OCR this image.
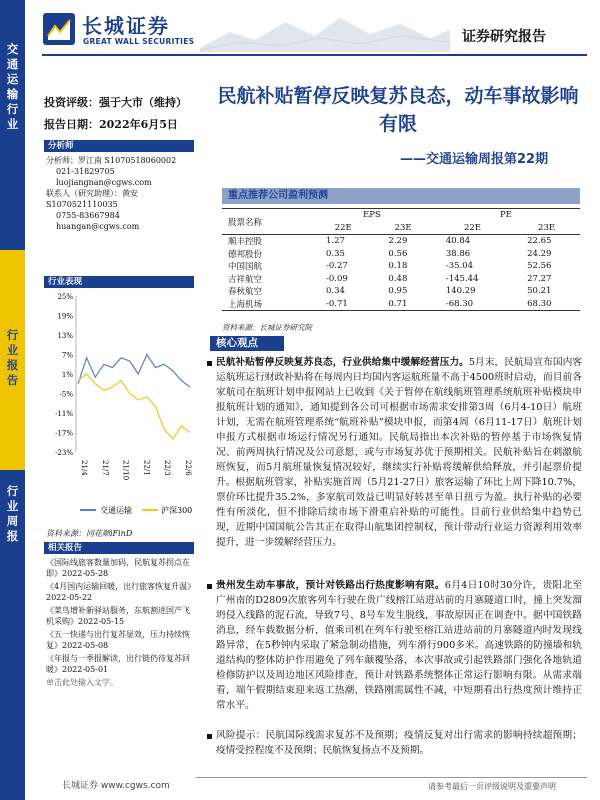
交通运输行业
行业报告
行业周报
长城证券
GREAT WALL SECURITIES	证券研究报告
投资评级：强于大市（维持）
报告日期：2022年6月5日
分析师
分析师：罗江南 S1070518060002
021-31829705
luojiangnan@cgws.com
联系人（研究助理）：黄安
S1070521110035
0755-83667984
huangan@cgws.com
行业表现
25%
19%
13%
7%
1%
-5%
-11%
-17%
-23%
21/4 21/7 21/10 22/1 22/3 22/6
交通运输	沪深300
资料来源：同花顺iFinD
相关报告
《国际线旅客数量加码，民航复苏拐点在即》2022-05-28
《4月国内运输回暖，出行旅客恢复升温》2022-05-22
《菜鸟增补新驿站服务，东航割进国产飞机采购》2022-05-15
《五一快递与出行复苏显效，压力持续恢复》2022-05-08
《年报与一季报解读，出行链仍待复苏回暖》2022-05-01
单击此处输入文字。
民航补贴暂停反映复苏良态，动车事故影响有限
——交通运输周报第22期
重点推荐公司盈利预测
股票名称	EPS		PE	
	22E	23E	22E	23E
顺丰控股	1.27	2.29	40.84	22.65
德邦股份	0.35	0.56	38.86	24.29
中国国航	-0.27	0.18	-35.04	52.56
吉祥航空	-0.09	0.48	-145.44	27.27
春秋航空	0.34	0.95	140.29	50.21
上海机场	-0.71	0.71	-68.30	68.30
资料来源：长城证券研究院
核心观点
民航补贴暂停反映复苏良态，行业供给集中缓解经营压力。5月末，民航局宣布国内客运航班运行财政补贴将在每周内日均国内客运航班量不高于4500班时启动，而目前各家航司在航班计划申报网站上已收到《关于暂停在航线航班管理系统航班补贴模块申报航班计划的通知》，通知提到各公司可根据市场需求安排第3周（6月4-10日）航班计划，无需在航班管理系统“航班补贴”模块申报，而第4周（6月11-17日）航班计划申报方式根据市场运行情况另行通知。民航局指出本次补贴的暂停基于市场恢复情况、前两周执行情况及公司意愿，或与市场复苏优于预期相关。民航补贴旨在刺激航班恢复，而5月航班量恢复情况较好，继续实行补贴将缓解供给释放，并引起票价提升。根据航班管家，补贴实施首周（5月21-27日）旅客运输了环比上周下降10.7%，票价环比提升35.2%，多家航司效益已明显好转甚至单日扭亏为盈。执行补贴的必要性有所淡化，但不排除后续市场下滑重启补贴的可能性。目前行业供给集中趋势已现，近期中国国航公告其正在取得山航集团控制权，预计带动行业运力资源利用效率提升，进一步缓解经营压力。
贵州发生动车事故，预计对铁路出行热度影响有限。6月4日10时30分许，贵阳北至广州南的D2809次旅客列车行驶在贵广线榕江站进站前的月寨隧道口时，撞上突发溜坍侵入线路的泥石流，导致7号、8号车发生脱线，事故原因正在调查中。据中国铁路消息，经车载数据分析，值乘司机在列车行驶至榕江站进站前的月寨隧道内时发现线路异常，在5秒钟内采取了紧急制动措施，列车滑行900多米。高速铁路的防撞墙和轨道结构的整体防护作用避免了列车颠覆坠落，本次事故或引起铁路部门强化各地轨道检修防护以及周边地区风险排查，预计对铁路系统整体正常运行影响有限。从需求端看，端午假期结束迎来返工热潮，铁路刚需属性不减，中短期看出行热度预计维持正常水平。
风险提示：民航国际线需求复苏不及预期；疫情反复对出行需求的影响持续超预期；疫情受控程度不及预期；民航恢复扬点不及预期。
长城证券 www.cgws.com	请参考最后一页评级说明及重要声明
